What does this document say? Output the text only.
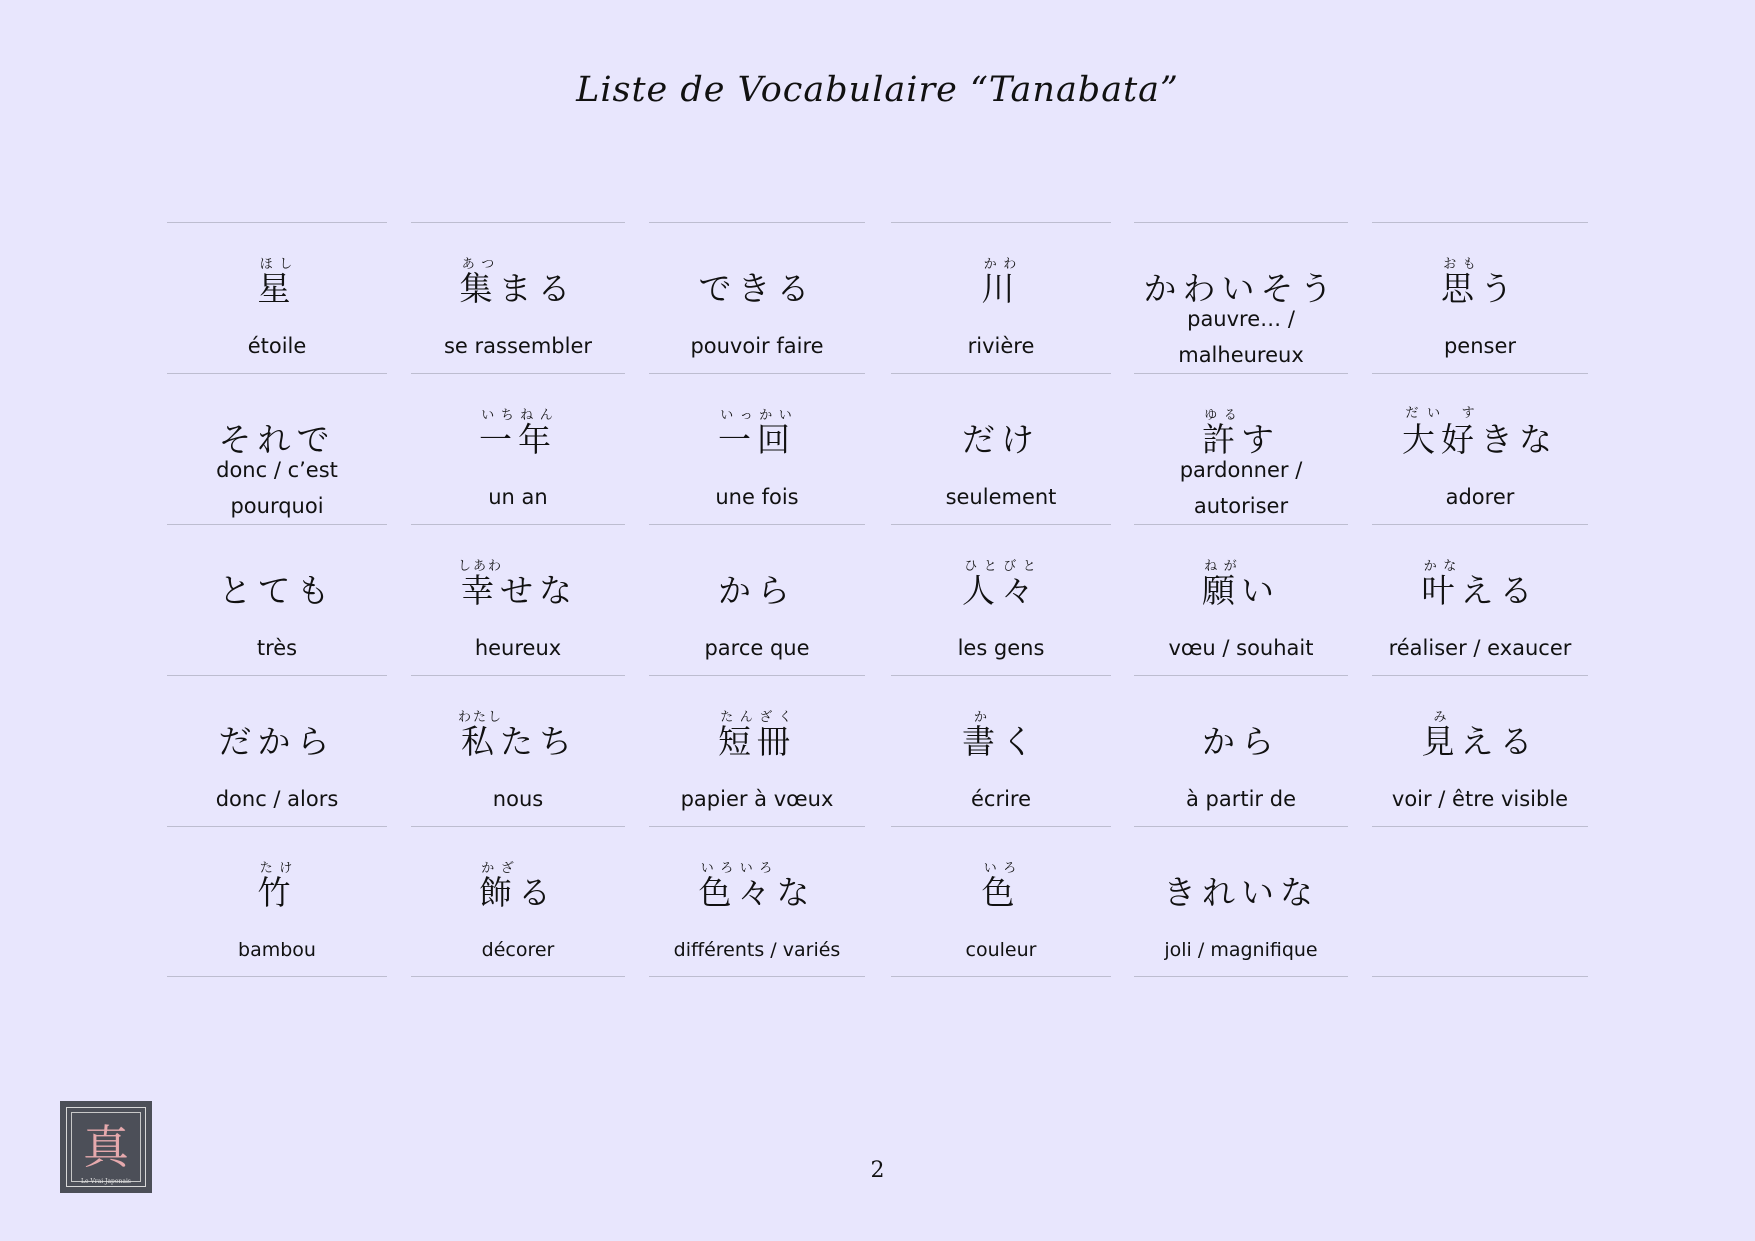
Liste de Vocabulaire “Tanabata”
星ほし
étoile
集あつまる
se rassembler
できる
pouvoir faire
川かわ
rivière
かわいそう
pauvre… / malheureux
思おもう
penser
それで
donc / c’est pourquoi
一年いちねん
un an
一回いっかい
une fois
だけ
seulement
許ゆるす
pardonner / autoriser
大好だい すきな
adorer
とても
très
幸しあわせな
heureux
から
parce que
人々ひとびと
les gens
願ねがい
vœu / souhait
叶かなえる
réaliser / exaucer
だから
donc / alors
私わたしたち
nous
短冊たんざく
papier à vœux
書かく
écrire
から
à partir de
見みえる
voir / être visible
竹たけ
bambou
飾かざる
décorer
色々いろいろな
différents / variés
色いろ
couleur
きれいな
joli / magnifique
真
Le Vrai Japonais	2
